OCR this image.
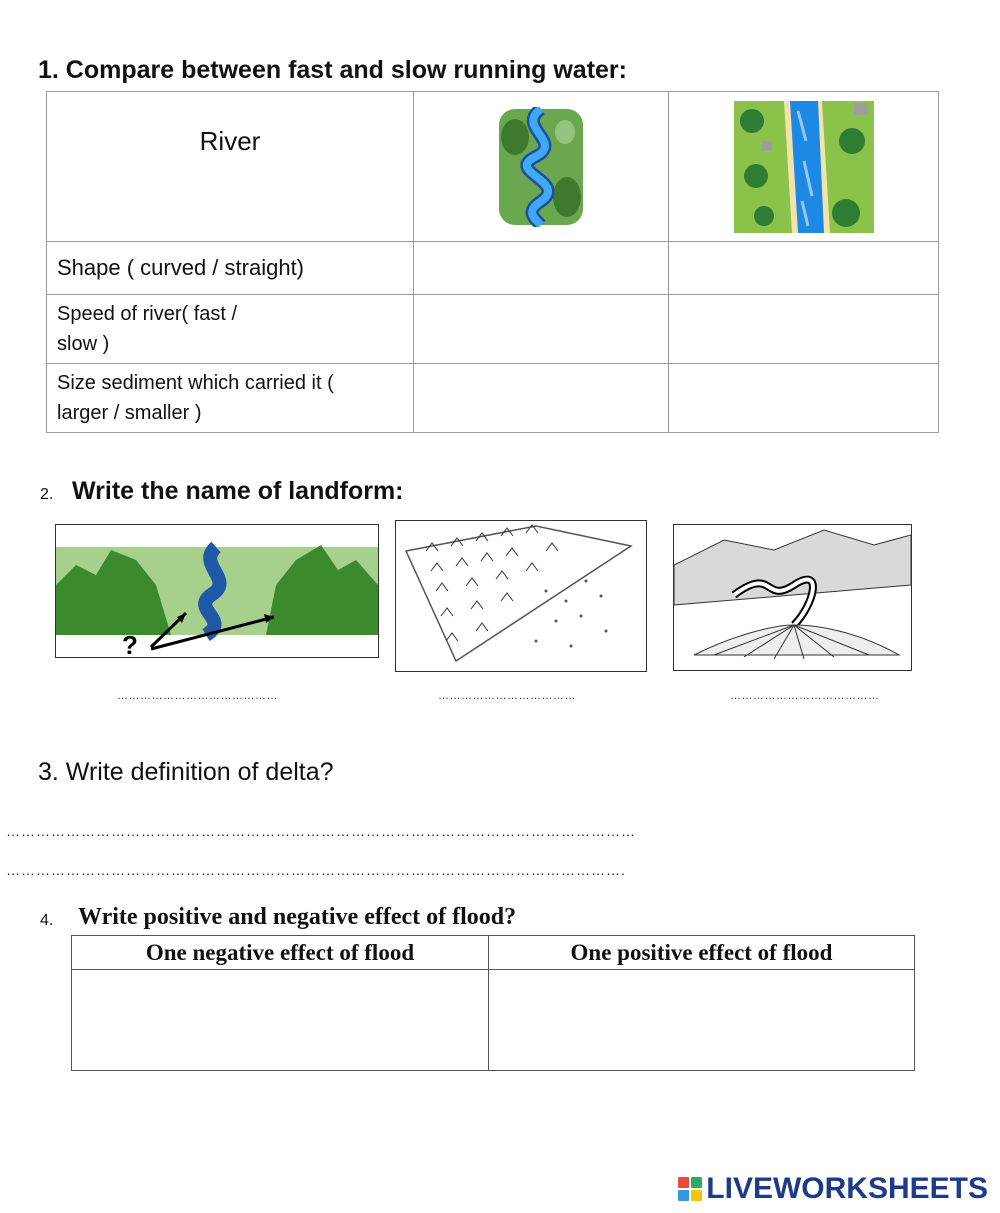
1. Compare between fast and slow running water:
River	

Shape ( curved / straight)		

Speed of river( fast /
slow )		

Size sediment which carried it (
larger / smaller )		

2. Write the name of landform:
?
……………………………………	………………………………	…………………………………
3. Write definition of delta?
………………………………………………………………………………………………………………
…………………………………………………………………………………………………………….
4. Write positive and negative effect of flood?
One negative effect of flood	One positive effect of flood

LIVEWORKSHEETS
